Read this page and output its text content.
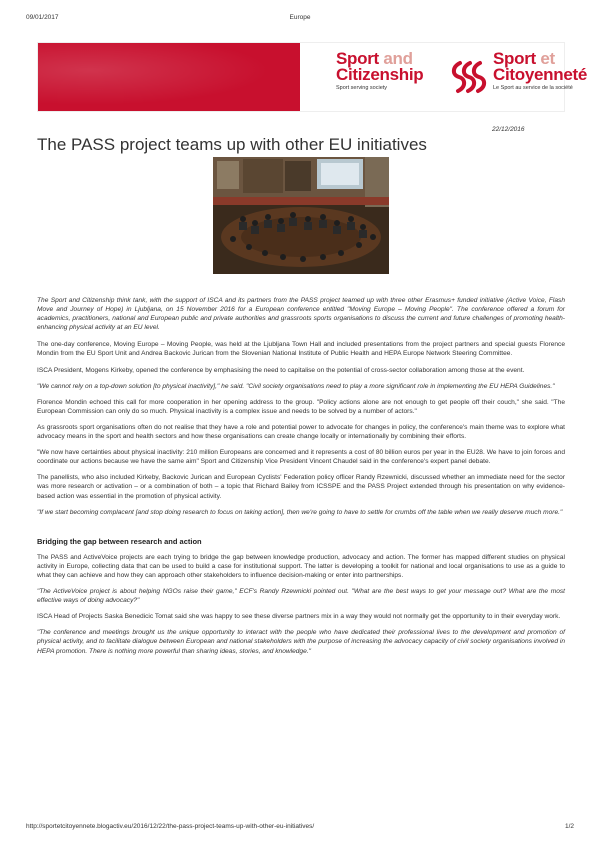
09/01/2017	Europe
Sport and
Citizenship
Sport serving society
Sport et
Citoyenneté
Le Sport au service de la société
The PASS project teams up with other EU initiatives
22/12/2016

The Sport and Citizenship think tank, with the support of ISCA and its partners from the PASS project teamed up with three other Erasmus+ funded initiative (Active Voice, Flash Move and Journey of Hope) in Ljubljana, on 15 November 2016 for a European conference entitled "Moving Europe – Moving People". The conference offered a forum for academics, practitioners, national and European public and private authorities and grassroots sports organisations to discuss the current and future challenges of promoting health-enhancing physical activity at an EU level.

The one-day conference, Moving Europe – Moving People, was held at the Ljubljana Town Hall and included presentations from the project partners and special guests Florence Mondin from the EU Sport Unit and Andrea Backovic Jurican from the Slovenian National Institute of Public Health and HEPA Europe Network Steering Committee.

ISCA President, Mogens Kirkeby, opened the conference by emphasising the need to capitalise on the potential of cross-sector collaboration among those at the event.

"We cannot rely on a top-down solution [to physical inactivity]," he said. "Civil society organisations need to play a more significant role in implementing the EU HEPA Guidelines."

Florence Mondin echoed this call for more cooperation in her opening address to the group. "Policy actions alone are not enough to get people off their couch," she said. "The European Commission can only do so much. Physical inactivity is a complex issue and needs to be solved by a number of actors."

As grassroots sport organisations often do not realise that they have a role and potential power to advocate for changes in policy, the conference's main theme was to explore what advocacy means in the sport and health sectors and how these organisations can create change locally or internationally by combining their efforts.

"We now have certainties about physical inactivity: 210 million Europeans are concerned and it represents a cost of 80 billion euros per year in the EU28. We have to join forces and coordinate our actions because we have the same aim" Sport and Citizenship Vice President Vincent Chaudel said in the conference's expert panel debate.

The panellists, who also included Kirkeby, Backovic Jurican and European Cyclists' Federation policy officer Randy Rzewnicki, discussed whether an immediate need for the sector was more research or activation – or a combination of both – a topic that Richard Bailey from ICSSPE and the PASS Project extended through his presentation on why evidence-based action was essential in the promotion of physical activity.

"If we start becoming complacent [and stop doing research to focus on taking action], then we're going to have to settle for crumbs off the table when we really deserve much more."

Bridging the gap between research and action

The PASS and ActiveVoice projects are each trying to bridge the gap between knowledge production, advocacy and action. The former has mapped different studies on physical activity in Europe, collecting data that can be used to build a case for institutional support. The latter is developing a toolkit for national and local organisations to use as a guide to what they can achieve and how they can approach other stakeholders to influence decision-making or enter into partnerships.

"The ActiveVoice project is about helping NGOs raise their game," ECF's Randy Rzewnicki pointed out. "What are the best ways to get your message out? What are the most effective ways of doing advocacy?"

ISCA Head of Projects Saska Benedicic Tomat said she was happy to see these diverse partners mix in a way they would not normally get the opportunity to in their everyday work.

"The conference and meetings brought us the unique opportunity to interact with the people who have dedicated their professional lives to the development and promotion of physical activity, and to facilitate dialogue between European and national stakeholders with the purpose of increasing the advocacy capacity of civil society organisations involved in HEPA promotion. There is nothing more powerful than sharing ideas, stories, and knowledge."

http://sportetcitoyennete.blogactiv.eu/2016/12/22/the-pass-project-teams-up-with-other-eu-initiatives/	1/2
